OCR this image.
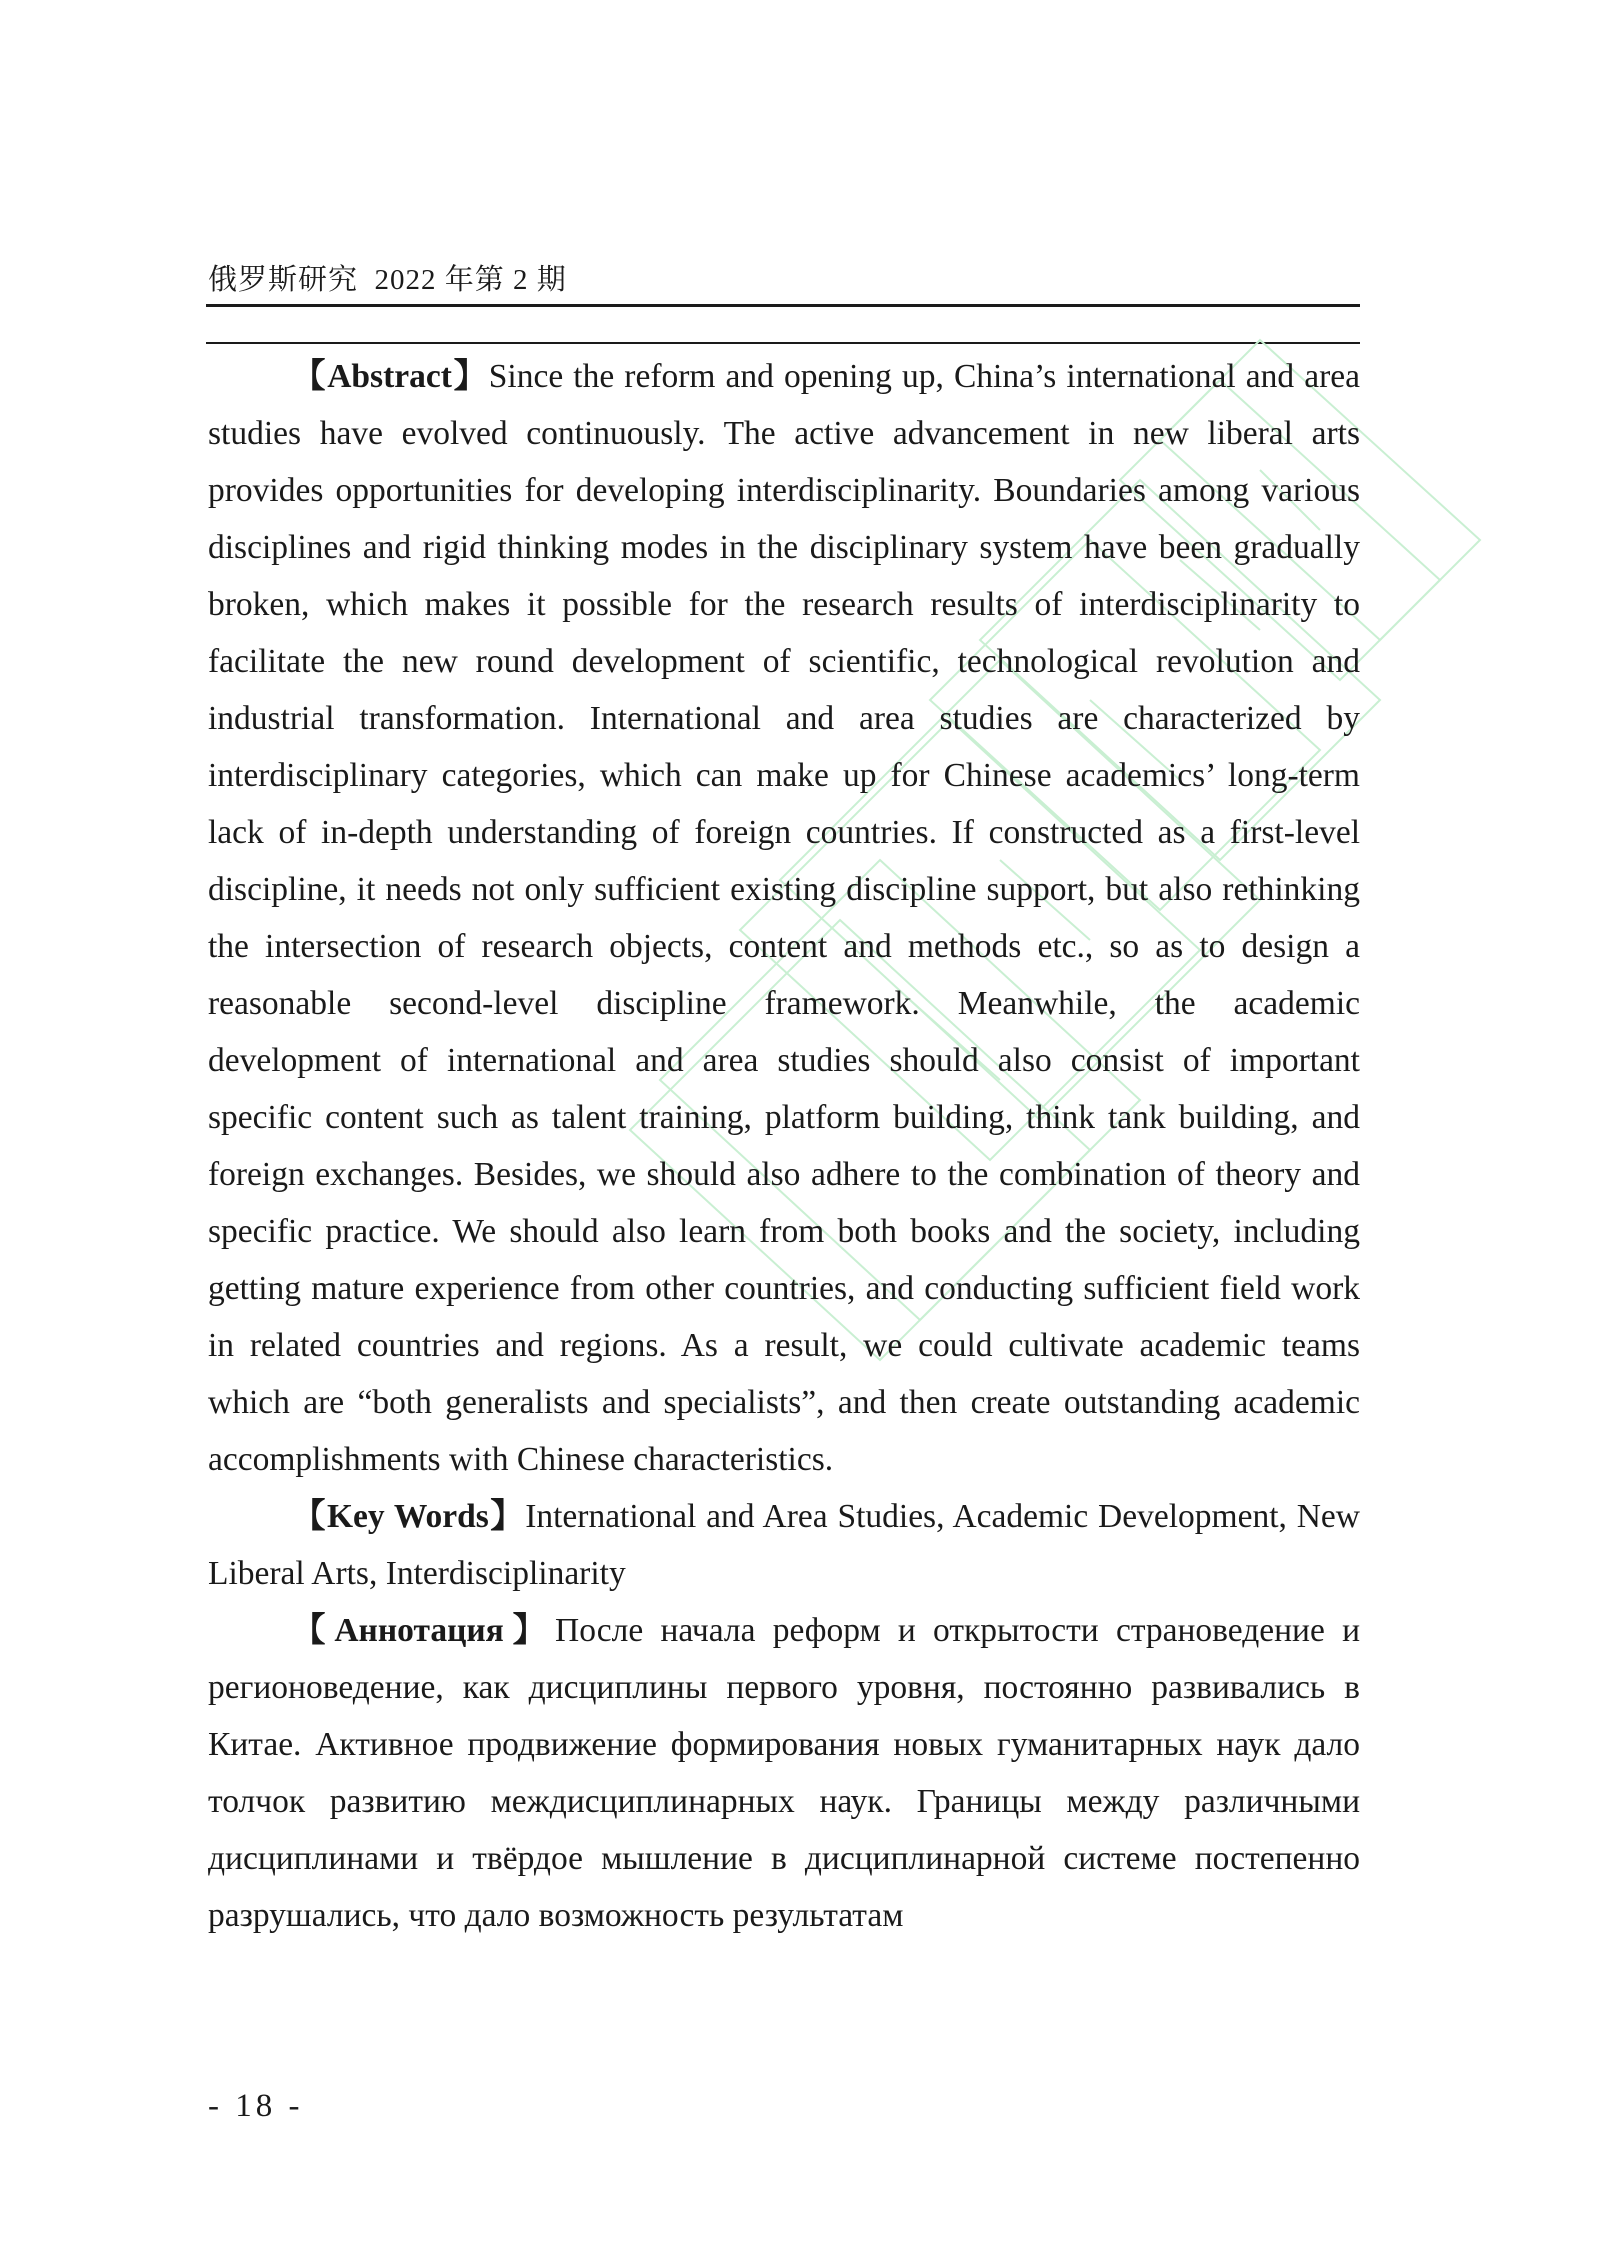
俄罗斯研究 2022 年第 2 期

【Abstract】Since the reform and opening up, China’s international and area studies have evolved continuously. The active advancement in new liberal arts provides opportunities for developing interdisciplinarity. Boundaries among various disciplines and rigid thinking modes in the disciplinary system have been gradually broken, which makes it possible for the research results of interdisciplinarity to facilitate the new round development of scientific, technological revolution and industrial transformation. International and area studies are characterized by interdisciplinary categories, which can make up for Chinese academics’ long-term lack of in-depth understanding of foreign countries. If constructed as a first-level discipline, it needs not only sufficient existing discipline support, but also rethinking the intersection of research objects, content and methods etc., so as to design a reasonable second-level discipline framework. Meanwhile, the academic development of international and area studies should also consist of important specific content such as talent training, platform building, think tank building, and foreign exchanges. Besides, we should also adhere to the combination of theory and specific practice. We should also learn from both books and the society, including getting mature experience from other countries, and conducting sufficient field work in related countries and regions. As a result, we could cultivate academic teams which are “both generalists and specialists”, and then create outstanding academic accomplishments with Chinese characteristics.

【Key Words】International and Area Studies, Academic Development, New Liberal Arts, Interdisciplinarity

【Аннотация】После начала реформ и открытости страноведение и регионоведение, как дисциплины первого уровня, постоянно развивались в Китае. Активное продвижение формирования новых гуманитарных наук дало толчок развитию междисциплинарных наук. Границы между различными дисциплинами и твёрдое мышление в дисциплинарной системе постепенно разрушались, что дало возможность результатам

- 18 -
